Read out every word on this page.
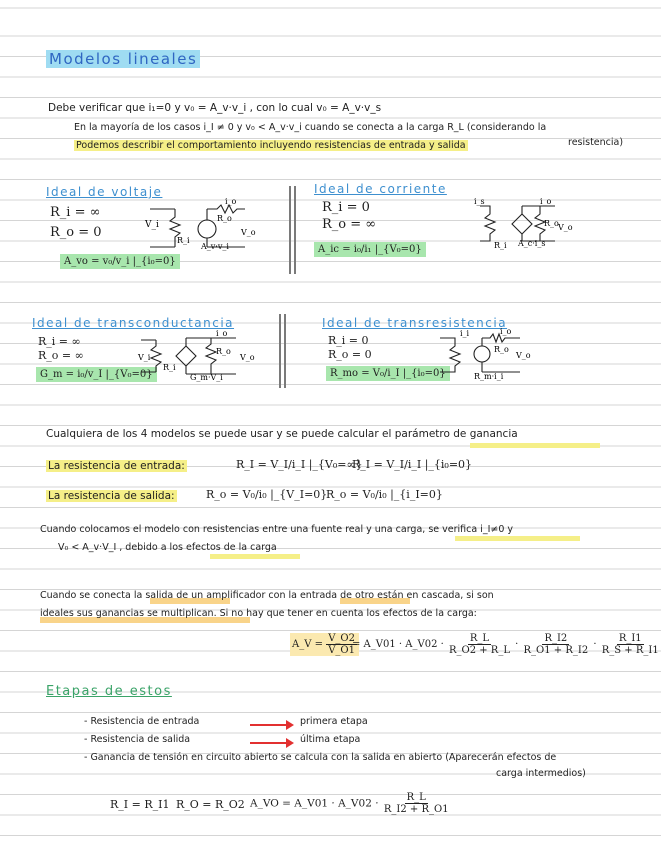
Modelos lineales
Debe verificar que i₁=0 y v₀ = A_v·v_i , con lo cual v₀ = A_v·v_s
En la mayoría de los casos i_I ≠ 0 y v₀ < A_v·v_i cuando se conecta a la carga R_L (considerando la
resistencia)
Podemos describir el comportamiento incluyendo resistencias de entrada y salida
Ideal de voltaje
R_i = ∞
R_o = 0
A_vo = v₀/v_i |_{i₀=0}
V_i
R_i
R_o
A_v·v_i
V_o
i_o
Ideal de corriente
R_i = 0
R_o = ∞
A_ic = i₀/i₁ |_{V₀=0}
i_s
R_i
R_o
A_c·i_s
V_o
i_o
Ideal de transconductancia
R_i = ∞
R_o = ∞
G_m = i₀/v_I |_{V₀=0}
V_i
R_i
R_o
G_m·V_i
V_o
i_o
Ideal de transresistencia
R_i = 0
R_o = 0
R_mo = V₀/i_I |_{i₀=0}
i_i
R_o
R_m·i_i
V_o
i_o
Cualquiera de los 4 modelos se puede usar y se puede calcular el parámetro de ganancia
La resistencia de entrada:	R_I = V_I/i_I |_{V₀=∞}
R_I = V_I/i_I |_{i₀=0}
La resistencia de salida:	R_o = V₀/i₀ |_{V_I=0}
R_o = V₀/i₀ |_{i_I=0}
Cuando colocamos el modelo con resistencias entre una fuente real y una carga, se verifica i_I≠0 y
V₀ < A_v·V_I , debido a los efectos de la carga
Cuando se conecta la salida de un amplificador con la entrada de otro están en cascada, si son
ideales sus ganancias se multiplican. Si no hay que tener en cuenta los efectos de la carga:
A_V = $\frac{V\_O2}{V\_O1}$
= A_V01 · A_V02 · $\frac{R\_L}{R\_O2 + R\_L} \cdot \frac{R\_I2}{R\_O1 + R\_I2} \cdot \frac{R\_I1}{R\_S + R\_I1}$
Etapas de estos
- Resistencia de entrada	primera etapa
- Resistencia de salida	última etapa
- Ganancia de tensión en circuito abierto se calcula con la salida en abierto (Aparecerán efectos de
carga intermedios)
R_I = R_I1 R_O = R_O2 A_VO = A_V01 · A_V02 · $\frac{R\_L}{R\_I2 + R\_O1}$
